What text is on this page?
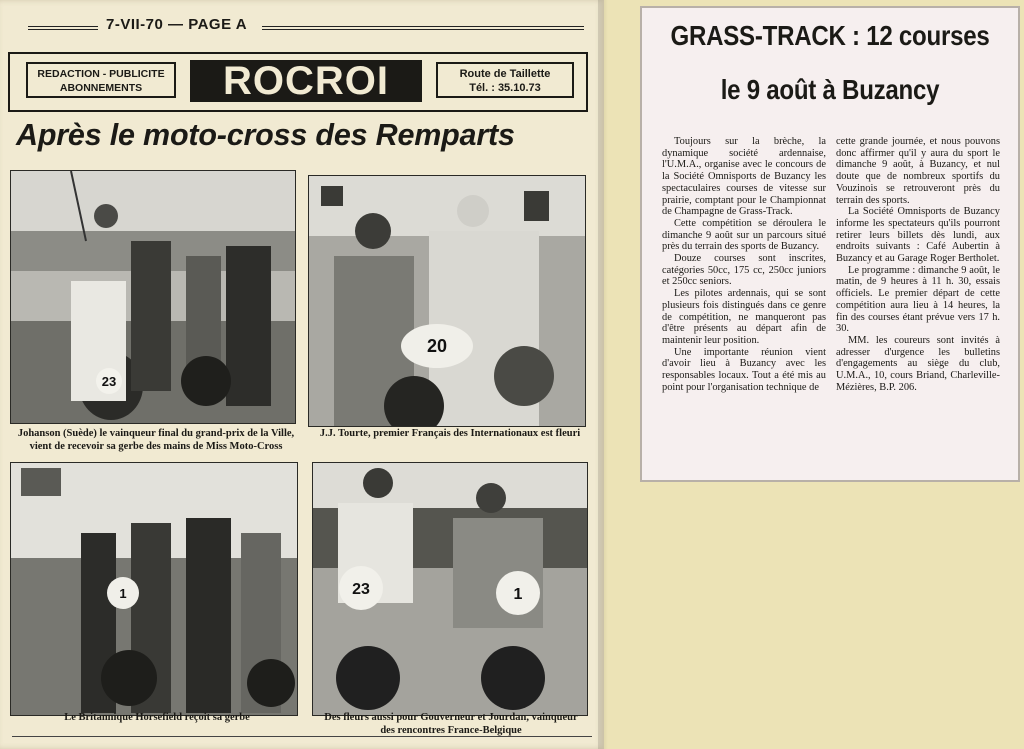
7-VII-70 — PAGE A
REDACTION - PUBLICITE
ABONNEMENTS	ROCROI	Route de Taillette
Tél. : 35.10.73
Après le moto-cross des Remparts
23
20
Johanson (Suède) le vainqueur final du grand-prix de la Ville, vient de recevoir sa gerbe des mains de Miss Moto-Cross
J.J. Tourte, premier Français des Internationaux est fleuri
1	23	1
Le Britannique Horsefield reçoit sa gerbe	Des fleurs aussi pour Gouverneur et Jourdan, vainqueur des rencontres France-Belgique
GRASS-TRACK : 12 courses
le 9 août à Buzancy

Toujours sur la brèche, la dynamique société ardennaise, l'U.M.A., organise avec le concours de la Société Omnisports de Buzancy les spectaculaires courses de vitesse sur prairie, comptant pour le Championnat de Champagne de Grass-Track.

Cette compétition se déroulera le dimanche 9 août sur un parcours situé près du terrain des sports de Buzancy.

Douze courses sont inscrites, catégories 50cc, 175 cc, 250cc juniors et 250cc seniors.

Les pilotes ardennais, qui se sont plusieurs fois distingués dans ce genre de compétition, ne manqueront pas d'être présents au départ afin de maintenir leur position.

Une importante réunion vient d'avoir lieu à Buzancy avec les responsables locaux. Tout a été mis au point pour l'organisation technique de

cette grande journée, et nous pouvons donc affirmer qu'il y aura du sport le dimanche 9 août, à Buzancy, et nul doute que de nombreux sportifs du Vouzinois se retrouveront près du terrain des sports.

La Société Omnisports de Buzancy informe les spectateurs qu'ils pourront retirer leurs billets dès lundi, aux endroits suivants : Café Aubertin à Buzancy et au Garage Roger Bertholet.

Le programme : dimanche 9 août, le matin, de 9 heures à 11 h. 30, essais officiels. Le premier départ de cette compétition aura lieu à 14 heures, la fin des courses étant prévue vers 17 h. 30.

MM. les coureurs sont invités à adresser d'urgence les bulletins d'engagements au siège du club, U.M.A., 10, cours Briand, Charleville-Mézières, B.P. 206.
